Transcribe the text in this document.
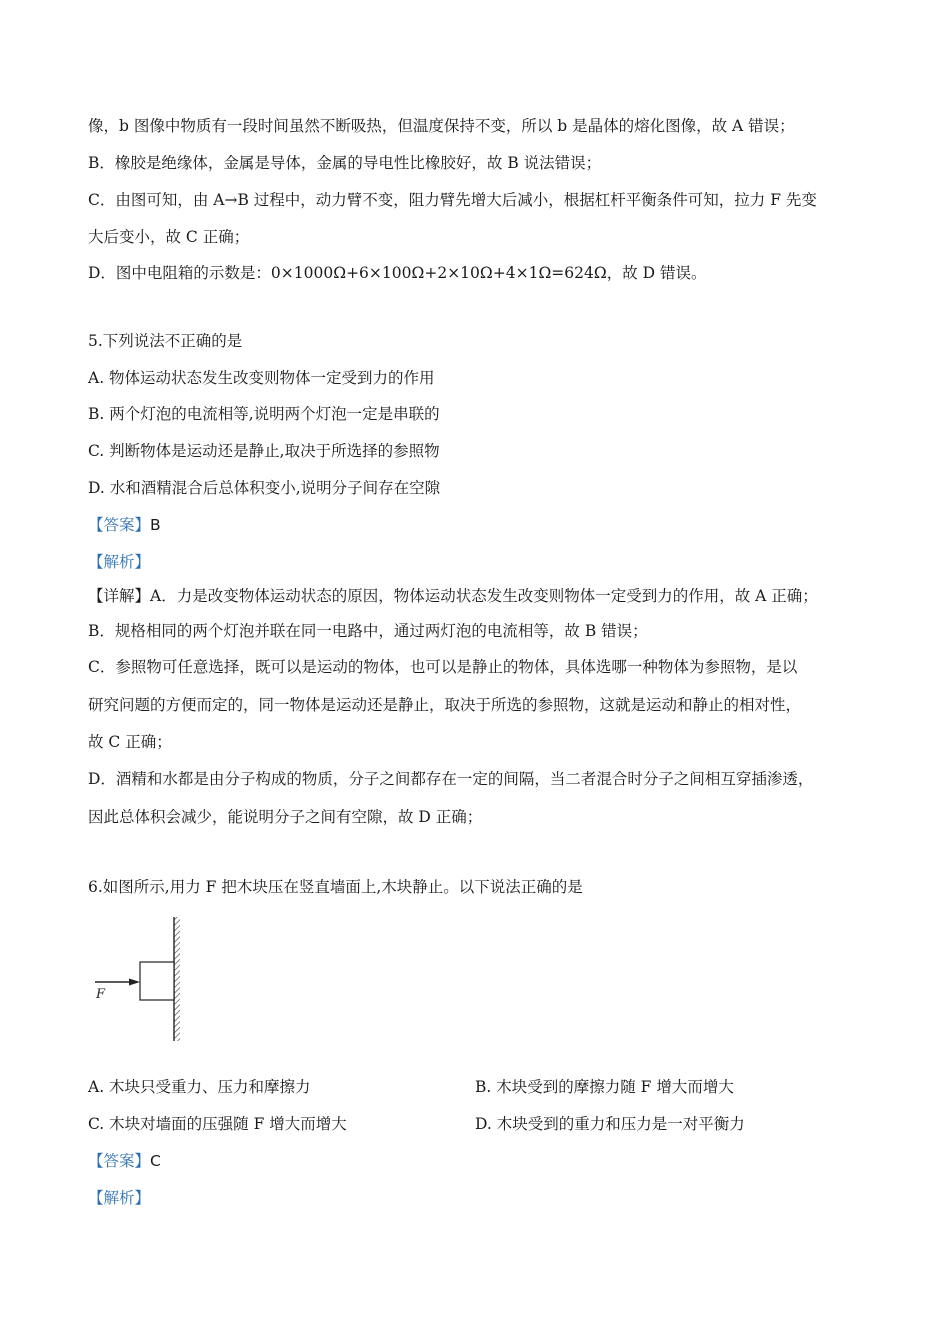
像，b 图像中物质有一段时间虽然不断吸热，但温度保持不变，所以 b 是晶体的熔化图像，故 A 错误；
B．橡胶是绝缘体，金属是导体，金属的导电性比橡胶好，故 B 说法错误；
C．由图可知，由 A→B 过程中，动力臂不变，阻力臂先增大后减小，根据杠杆平衡条件可知，拉力 F 先变
大后变小，故 C 正确；
D．图中电阻箱的示数是：0×1000Ω+6×100Ω+2×10Ω+4×1Ω=624Ω，故 D 错误。
5.下列说法不正确的是
A. 物体运动状态发生改变则物体一定受到力的作用
B. 两个灯泡的电流相等,说明两个灯泡一定是串联的
C. 判断物体是运动还是静止,取决于所选择的参照物
D. 水和酒精混合后总体积变小,说明分子间存在空隙
【答案】B
【解析】
【详解】A．力是改变物体运动状态的原因，物体运动状态发生改变则物体一定受到力的作用，故 A 正确；
B．规格相同的两个灯泡并联在同一电路中，通过两灯泡的电流相等，故 B 错误；
C．参照物可任意选择，既可以是运动的物体，也可以是静止的物体，具体选哪一种物体为参照物，是以
研究问题的方便而定的，同一物体是运动还是静止，取决于所选的参照物，这就是运动和静止的相对性，
故 C 正确；
D．酒精和水都是由分子构成的物质，分子之间都存在一定的间隔，当二者混合时分子之间相互穿插渗透，
因此总体积会减少，能说明分子之间有空隙，故 D 正确；
6.如图所示,用力 F 把木块压在竖直墙面上,木块静止。以下说法正确的是
F
A. 木块只受重力、压力和摩擦力	B. 木块受到的摩擦力随 F 增大而增大
C. 木块对墙面的压强随 F 增大而增大	D. 木块受到的重力和压力是一对平衡力
【答案】C
【解析】
